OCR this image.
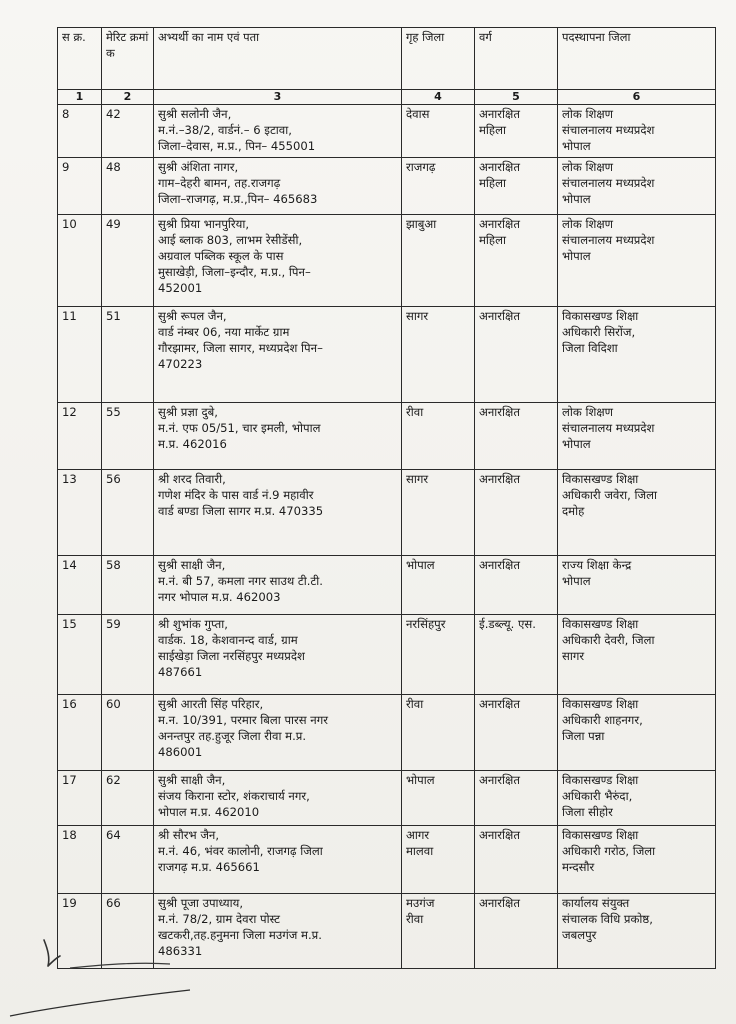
स क्र.	मेरिट क्रमां क	अभ्यर्थी का नाम एवं पता	गृह जिला	वर्ग	पदस्थापना जिला
1	2	3	4	5	6
8	42	सुश्री सलोनी जैन,
म.नं.–38/2, वार्डनं.– 6 इटावा,
जिला–देवास, म.प्र., पिन– 455001	देवास	अनारक्षित
महिला	लोक शिक्षण
संचालनालय मध्यप्रदेश
भोपाल

9	48	सुश्री अंशिता नागर,
गाम–देहरी बामन, तह.राजगढ़
जिला–राजगढ़, म.प्र.,पिन– 465683	राजगढ़	अनारक्षित
महिला	लोक शिक्षण
संचालनालय मध्यप्रदेश
भोपाल

10	49	सुश्री प्रिया भानपुरिया,
आई ब्लाक 803, लाभम रेसीडेंसी,
अग्रवाल पब्लिक स्कूल के पास
मुसाखेड़ी, जिला–इन्दौर, म.प्र., पिन–
452001	झाबुआ	अनारक्षित
महिला	लोक शिक्षण
संचालनालय मध्यप्रदेश
भोपाल

11	51	सुश्री रूपल जैन,
वार्ड नंम्बर 06, नया मार्केट ग्राम
गौरझामर, जिला सागर, मध्यप्रदेश पिन–
470223	सागर	अनारक्षित	विकासखण्ड शिक्षा
अधिकारी सिरोंज,
जिला विदिशा

12	55	सुश्री प्रज्ञा दुबे,
म.नं. एफ 05/51, चार इमली, भोपाल
म.प्र. 462016	रीवा	अनारक्षित	लोक शिक्षण
संचालनालय मध्यप्रदेश
भोपाल

13	56	श्री शरद तिवारी,
गणेश मंदिर के पास वार्ड नं.9 महावीर
वार्ड बण्डा जिला सागर म.प्र. 470335	सागर	अनारक्षित	विकासखण्ड शिक्षा
अधिकारी जवेरा, जिला
दमोह

14	58	सुश्री साक्षी जैन,
म.नं. बी 57, कमला नगर साउथ टी.टी.
नगर भोपाल म.प्र. 462003	भोपाल	अनारक्षित	राज्य शिक्षा केन्द्र
भोपाल

15	59	श्री शुभांक गुप्ता,
वार्डक. 18, केशवानन्द वार्ड, ग्राम
साईखेड़ा जिला नरसिंहपुर मध्यप्रदेश
487661	नरसिंहपुर	ई.डब्ल्यू. एस.	विकासखण्ड शिक्षा
अधिकारी देवरी, जिला
सागर

16	60	सुश्री आरती सिंह परिहार,
म.न. 10/391, परमार बिला पारस नगर
अनन्तपुर तह.हुजूर जिला रीवा म.प्र.
486001	रीवा	अनारक्षित	विकासखण्ड शिक्षा
अधिकारी शाहनगर,
जिला पन्ना

17	62	सुश्री साक्षी जैन,
संजय किराना स्टोर, शंकराचार्य नगर,
भोपाल म.प्र. 462010	भोपाल	अनारक्षित	विकासखण्ड शिक्षा
अधिकारी भैरुंदा,
जिला सीहोर

18	64	श्री सौरभ जैन,
म.नं. 46, भंवर कालोनी, राजगढ़ जिला
राजगढ़ म.प्र. 465661	आगर
मालवा	अनारक्षित	विकासखण्ड शिक्षा
अधिकारी गरोठ, जिला
मन्दसौर

19	66	सुश्री पूजा उपाध्याय,
म.नं. 78/2, ग्राम देवरा पोस्ट
खटकरी,तह.हनुमना जिला मउगंज म.प्र.
486331	मउगंज
रीवा	अनारक्षित	कार्यालय संयुक्त
संचालक विधि प्रकोष्ठ,
जबलपुर
